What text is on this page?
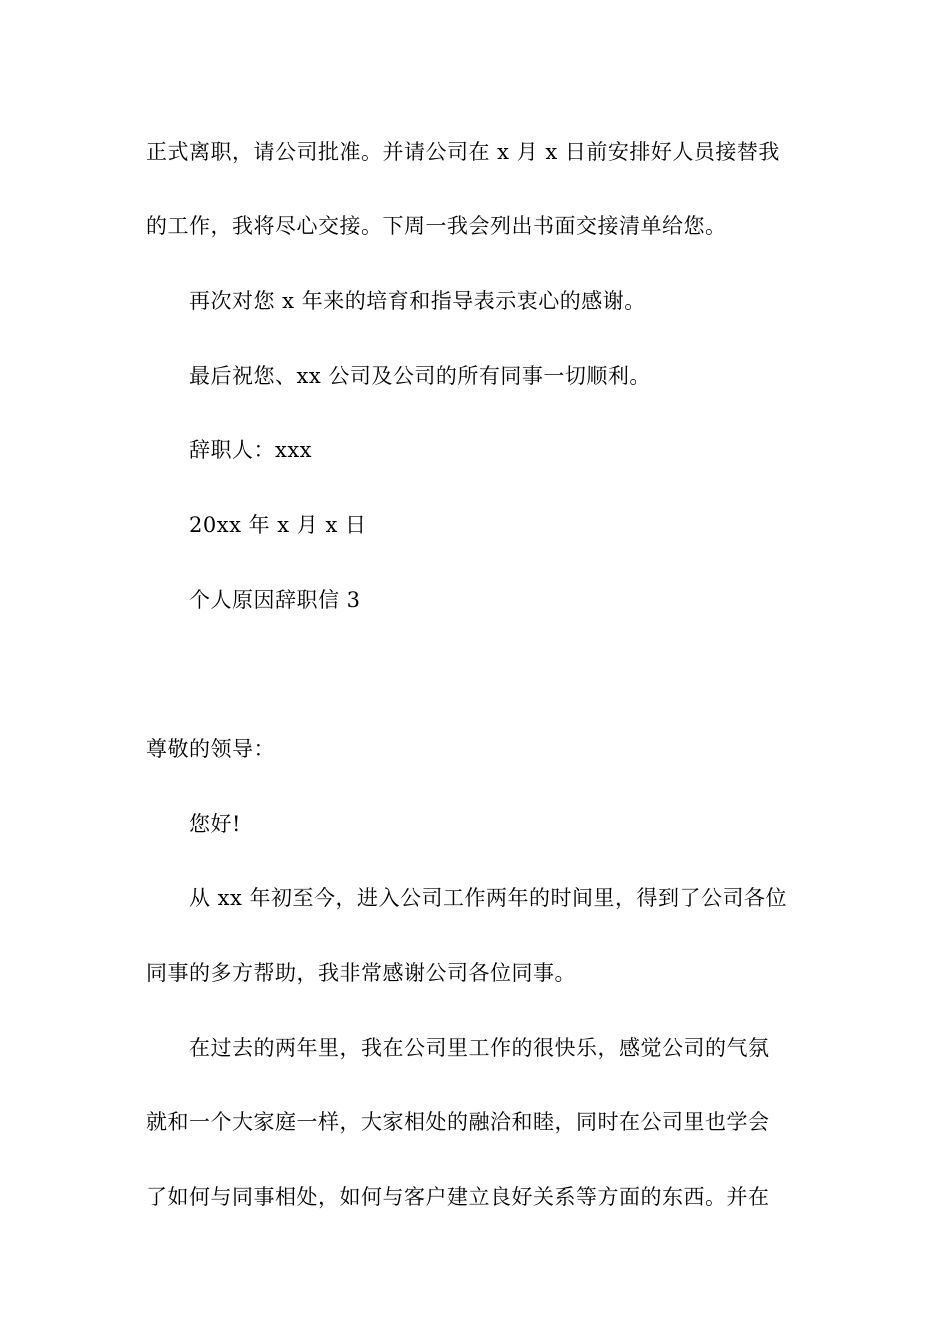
正式离职，请公司批准。并请公司在 x 月 x 日前安排好人员接替我
的工作，我将尽心交接。下周一我会列出书面交接清单给您。
再次对您 x 年来的培育和指导表示衷心的感谢。
最后祝您、xx 公司及公司的所有同事一切顺利。
辞职人：xxx
20xx 年 x 月 x 日
个人原因辞职信 3
尊敬的领导：
您好!
从 xx 年初至今，进入公司工作两年的时间里，得到了公司各位
同事的多方帮助，我非常感谢公司各位同事。
在过去的两年里，我在公司里工作的很快乐，感觉公司的气氛
就和一个大家庭一样，大家相处的融洽和睦，同时在公司里也学会
了如何与同事相处，如何与客户建立良好关系等方面的东西。并在
